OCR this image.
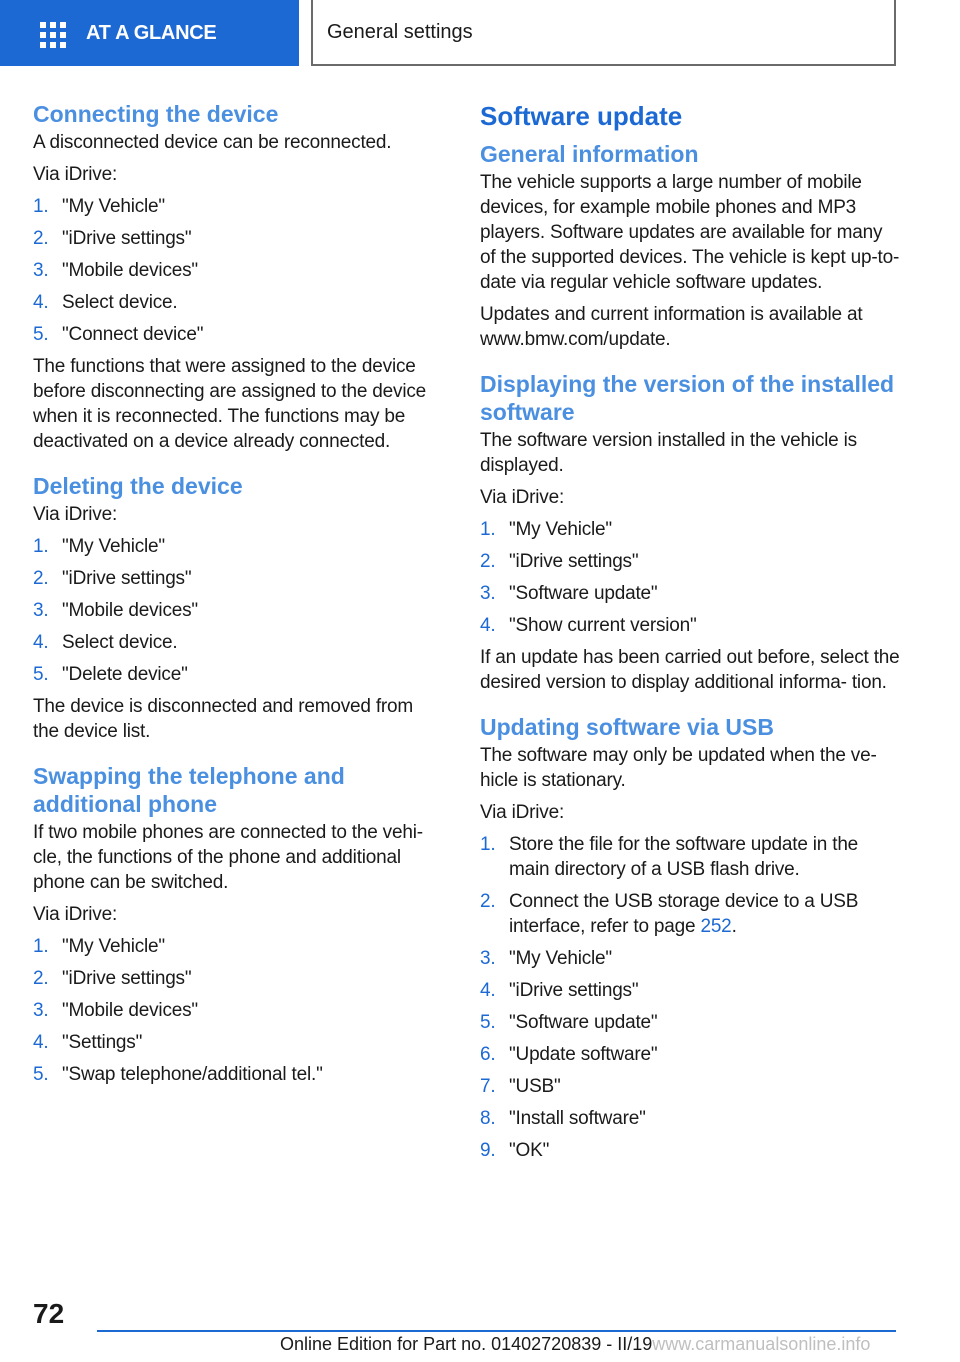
AT A GLANCE	General settings
Connecting the device

A disconnected device can be reconnected.

Via iDrive:

1. "My Vehicle"
2. "iDrive settings"
3. "Mobile devices"
4. Select device.
5. "Connect device"

The functions that were assigned to the device before disconnecting are assigned to the device when it is reconnected. The functions may be deactivated on a device already connected.

Deleting the device

Via iDrive:

1. "My Vehicle"
2. "iDrive settings"
3. "Mobile devices"
4. Select device.
5. "Delete device"

The device is disconnected and removed from the device list.

Swapping the telephone and additional phone

If two mobile phones are connected to the vehi‐ cle, the functions of the phone and additional phone can be switched.

Via iDrive:

1. "My Vehicle"
2. "iDrive settings"
3. "Mobile devices"
4. "Settings"
5. "Swap telephone/additional tel."
Software update
General information

The vehicle supports a large number of mobile devices, for example mobile phones and MP3 players. Software updates are available for many of the supported devices. The vehicle is kept up-to-date via regular vehicle software updates.

Updates and current information is available at www.bmw.com/update.

Displaying the version of the installed software

The software version installed in the vehicle is displayed.

Via iDrive:

1. "My Vehicle"
2. "iDrive settings"
3. "Software update"
4. "Show current version"

If an update has been carried out before, select the desired version to display additional informa‐ tion.

Updating software via USB

The software may only be updated when the ve‐ hicle is stationary.

Via iDrive:

1. Store the file for the software update in the main directory of a USB flash drive.
2. Connect the USB storage device to a USB interface, refer to page 252.
3. "My Vehicle"
4. "iDrive settings"
5. "Software update"
6. "Update software"
7. "USB"
8. "Install software"
9. "OK"
72
Online Edition for Part no. 01402720839 - II/19www.carmanualsonline.info
